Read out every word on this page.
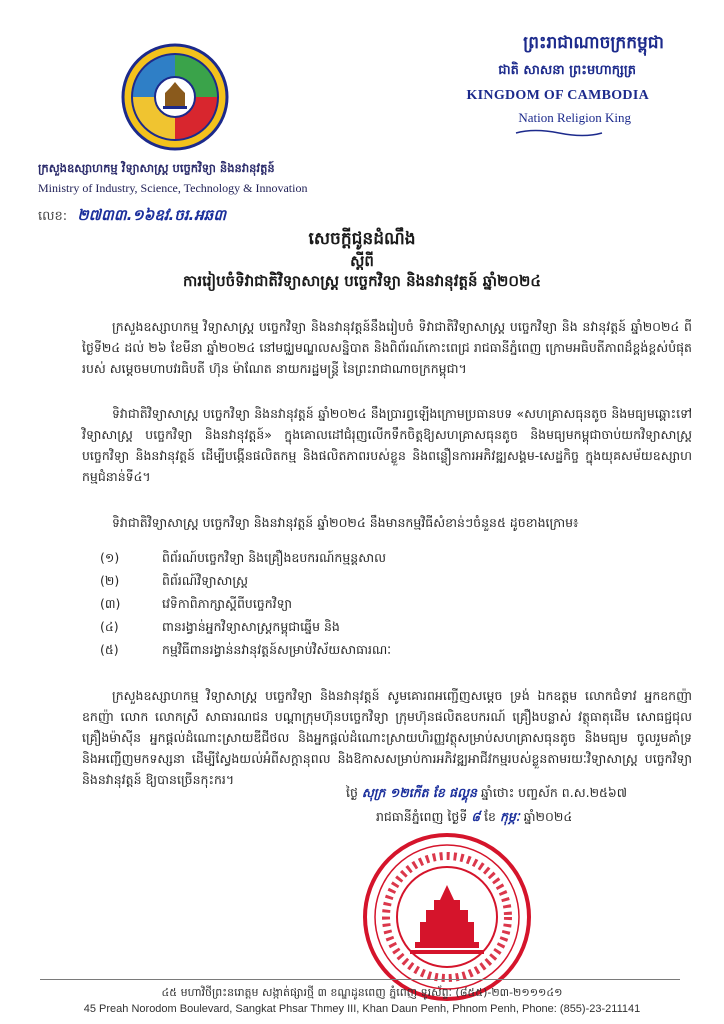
ក្រសួងឧស្សាហកម្ម វិទ្យាសាស្ត្រ បច្ចេកវិទ្យា និងនវានុវត្តន៍
Ministry of Industry, Science, Technology & Innovation
លេខ: ២៧៣៣.១៦ឧវ.ចរ.អឆ៣
ព្រះរាជាណាចក្រកម្ពុជា
ជាតិ សាសនា ព្រះមហាក្សត្រ
KINGDOM OF CAMBODIA
Nation Religion King
សេចក្តីជូនដំណឹង
ស្តីពី
ការរៀបចំទិវាជាតិវិទ្យាសាស្ត្រ បច្ចេកវិទ្យា និងនវានុវត្តន៍ ឆ្នាំ២០២៤
ក្រសួងឧស្សាហកម្ម វិទ្យាសាស្ត្រ បច្ចេកវិទ្យា និងនវានុវត្តន៍នឹងរៀបចំ ទិវាជាតិវិទ្យាសាស្ត្រ បច្ចេកវិទ្យា និង នវានុវត្តន៍ ឆ្នាំ២០២៤ ពីថ្ងៃទី២៤ ដល់ ២៦ ខែមីនា ឆ្នាំ២០២៤ នៅមជ្ឈមណ្ឌលសន្និបាត និងពិព័រណ៍កោះពេជ្រ រាជធានីភ្នំពេញ ក្រោមអធិបតីភាពដ៏ខ្ពង់ខ្ពស់បំផុតរបស់ សម្តេចមហាបវរធិបតី ហ៊ុន ម៉ាណែត នាយករដ្ឋមន្ត្រី នៃព្រះរាជាណាចក្រកម្ពុជា។
ទិវាជាតិវិទ្យាសាស្ត្រ បច្ចេកវិទ្យា និងនវានុវត្តន៍ ឆ្នាំ២០២៤ នឹងប្រារព្ធឡើងក្រោមប្រធានបទ «សហគ្រាសធុនតូច និងមធ្យមឆ្ពោះទៅវិទ្យាសាស្ត្រ បច្ចេកវិទ្យា និងនវានុវត្តន៍» ក្នុងគោលដៅជំរុញលើកទឹកចិត្តឱ្យសហគ្រាសធុនតូច និងមធ្យមកម្ពុជាចាប់យកវិទ្យាសាស្ត្រ បច្ចេកវិទ្យា និងនវានុវត្តន៍ ដើម្បីបង្កើនផលិតកម្ម និងផលិតភាពរបស់ខ្លួន និងពន្លឿនការអភិវឌ្ឍសង្គម-សេដ្ឋកិច្ច ក្នុងយុគសម័យឧស្សាហកម្មជំនាន់ទី៤។
ទិវាជាតិវិទ្យាសាស្ត្រ បច្ចេកវិទ្យា និងនវានុវត្តន៍ ឆ្នាំ២០២៤ នឹងមានកម្មវិធីសំខាន់ៗចំនួន៥ ដូចខាងក្រោម៖
(១)	ពិព័រណ៍បច្ចេកវិទ្យា និងគ្រឿងឧបករណ៍កម្មន្តសាល
(២)	ពិព័រណ៍វិទ្យាសាស្ត្រ
(៣)	វេទិកាពិភាក្សាស្តីពីបច្ចេកវិទ្យា
(៤)	ពានរង្វាន់អ្នកវិទ្យាសាស្ត្រកម្ពុជាឆ្នើម និង
(៥)	កម្មវិធីពានរង្វាន់នវានុវត្តន៍សម្រាប់វិស័យសាធារណៈ
ក្រសួងឧស្សាហកម្ម វិទ្យាសាស្ត្រ បច្ចេកវិទ្យា និងនវានុវត្តន៍ សូមគោរពអញ្ជើញសម្តេច ទ្រង់ ឯកឧត្តម លោកជំទាវ អ្នកឧកញ៉ា ឧកញ៉ា លោក លោកស្រី សាធារណជន បណ្តាក្រុមហ៊ុនបច្ចេកវិទ្យា ក្រុមហ៊ុនផលិតឧបករណ៍ គ្រឿងបន្លាស់ វត្ថុធាតុដើម សោធជ្ជជុលគ្រឿងម៉ាស៊ីន អ្នកផ្តល់ដំណោះស្រាយឌីជីថល និងអ្នកផ្តល់ដំណោះស្រាយហិរញ្ញវត្ថុសម្រាប់សហគ្រាសធុនតូច និងមធ្យម ចូលរួមគាំទ្រ និងអញ្ជើញមកទស្សនា ដើម្បីស្វែងយល់អំពីសក្តានុពល និងឱកាសសម្រាប់ការអភិវឌ្ឍអាជីវកម្មរបស់ខ្លួនតាមរយៈវិទ្យាសាស្ត្រ បច្ចេកវិទ្យា និងនវានុវត្តន៍ ឱ្យបានច្រើនកុះករ។
ថ្ងៃ សុក្រ ១២កើត ខែ ផល្គុន ឆ្នាំថោះ បញ្ចស័ក ព.ស.២៥៦៧
រាជធានីភ្នំពេញ ថ្ងៃទី ៨ ខែ កុម្ភៈ ឆ្នាំ២០២៤
៤៥ មហាវិថីព្រះនរោត្តម សង្កាត់ផ្សារថ្មី ៣ ខណ្ឌដូនពេញ ភ្នំពេញ ទូរស័ព្ទៈ (៨៥៥)-២៣-២១១១៤១
45 Preah Norodom Boulevard, Sangkat Phsar Thmey III, Khan Daun Penh, Phnom Penh, Phone: (855)-23-211141
